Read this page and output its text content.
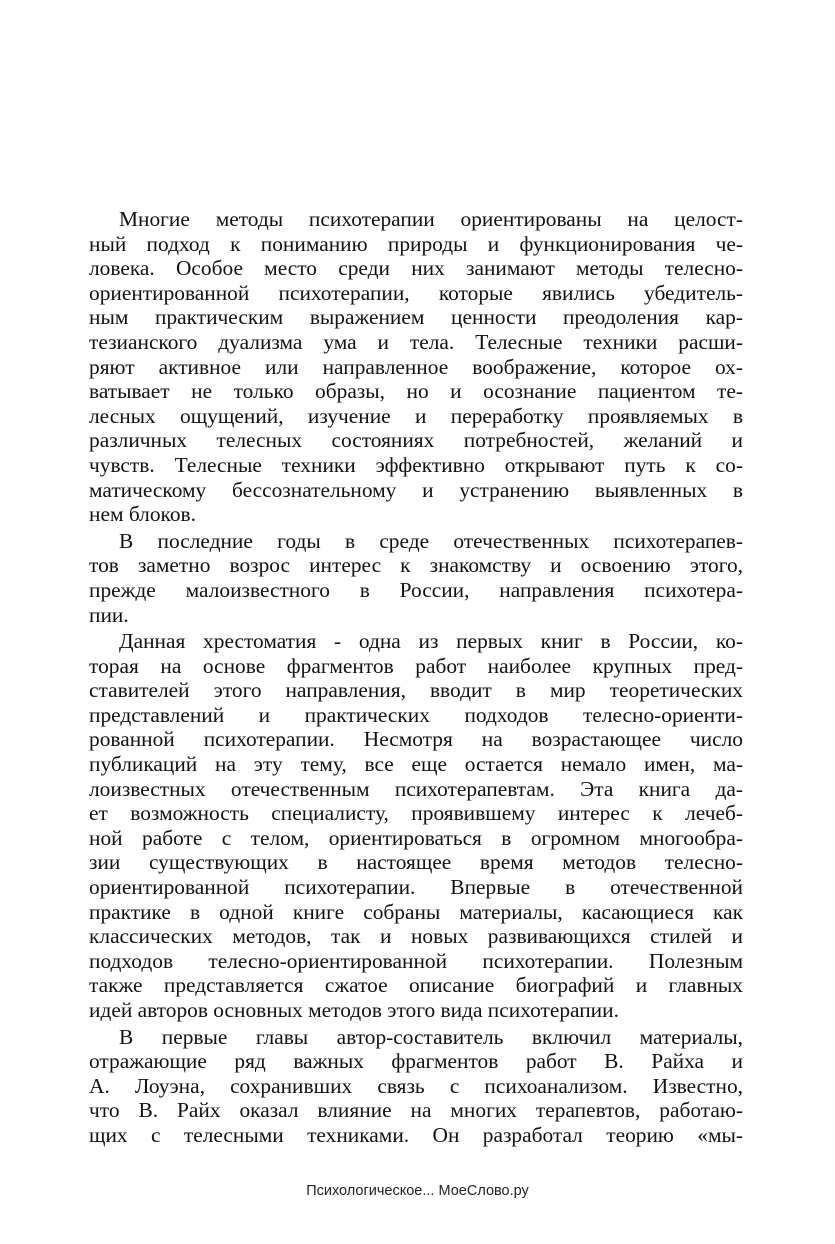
Многие методы психотерапии ориентированы на целост-
ный подход к пониманию природы и функционирования че-
ловека. Особое место среди них занимают методы телесно-
ориентированной психотерапии, которые явились убедитель-
ным практическим выражением ценности преодоления кар-
тезианского дуализма ума и тела. Телесные техники расши-
ряют активное или направленное воображение, которое ох-
ватывает не только образы, но и осознание пациентом те-
лесных ощущений, изучение и переработку проявляемых в
различных телесных состояниях потребностей, желаний и
чувств. Телесные техники эффективно открывают путь к со-
матическому бессознательному и устранению выявленных в
нем блоков.
В последние годы в среде отечественных психотерапев-
тов заметно возрос интерес к знакомству и освоению этого,
прежде малоизвестного в России, направления психотера-
пии.
Данная хрестоматия - одна из первых книг в России, ко-
торая на основе фрагментов работ наиболее крупных пред-
ставителей этого направления, вводит в мир теоретических
представлений и практических подходов телесно-ориенти-
рованной психотерапии. Несмотря на возрастающее число
публикаций на эту тему, все еще остается немало имен, ма-
лоизвестных отечественным психотерапевтам. Эта книга да-
ет возможность специалисту, проявившему интерес к лечеб-
ной работе с телом, ориентироваться в огромном многообра-
зии существующих в настоящее время методов телесно-
ориентированной психотерапии. Впервые в отечественной
практике в одной книге собраны материалы, касающиеся как
классических методов, так и новых развивающихся стилей и
подходов телесно-ориентированной психотерапии. Полезным
также представляется сжатое описание биографий и главных
идей авторов основных методов этого вида психотерапии.
В первые главы автор-составитель включил материалы,
отражающие ряд важных фрагментов работ В. Райха и
А. Лоуэна, сохранивших связь с психоанализом. Известно,
что В. Райх оказал влияние на многих терапевтов, работаю-
щих с телесными техниками. Он разработал теорию «мы-
Психологическое... МоеСлово.ру
